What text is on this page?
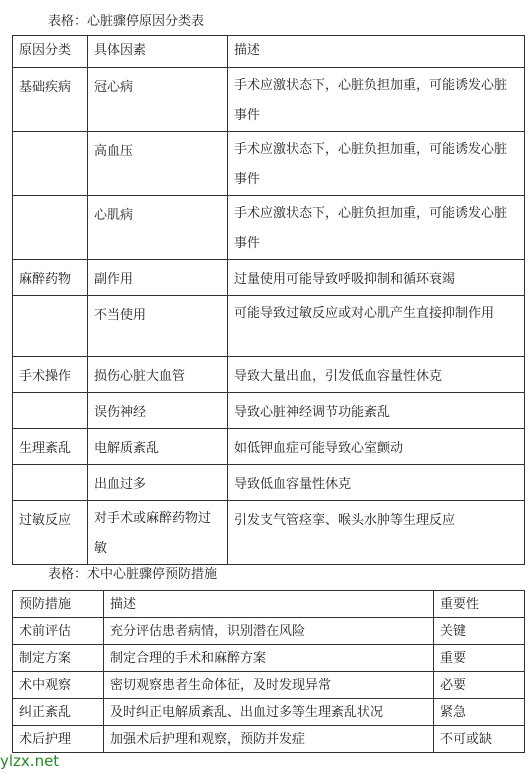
表格：心脏骤停原因分类表
原因分类	具体因素	描述
基础疾病	冠心病	手术应激状态下，心脏负担加重，可能诱发心脏事件
	高血压	手术应激状态下，心脏负担加重，可能诱发心脏事件
	心肌病	手术应激状态下，心脏负担加重，可能诱发心脏事件
麻醉药物	副作用	过量使用可能导致呼吸抑制和循环衰竭
	不当使用	可能导致过敏反应或对心肌产生直接抑制作用
手术操作	损伤心脏大血管	导致大量出血，引发低血容量性休克
	误伤神经	导致心脏神经调节功能紊乱
生理紊乱	电解质紊乱	如低钾血症可能导致心室颤动
	出血过多	导致低血容量性休克
过敏反应	对手术或麻醉药物过敏	引发支气管痉挛、喉头水肿等生理反应
表格：术中心脏骤停预防措施
预防措施	描述	重要性
术前评估	充分评估患者病情，识别潜在风险	关键
制定方案	制定合理的手术和麻醉方案	重要
术中观察	密切观察患者生命体征，及时发现异常	必要
纠正紊乱	及时纠正电解质紊乱、出血过多等生理紊乱状况	紧急
术后护理	加强术后护理和观察，预防并发症	不可或缺
ylzx.net
